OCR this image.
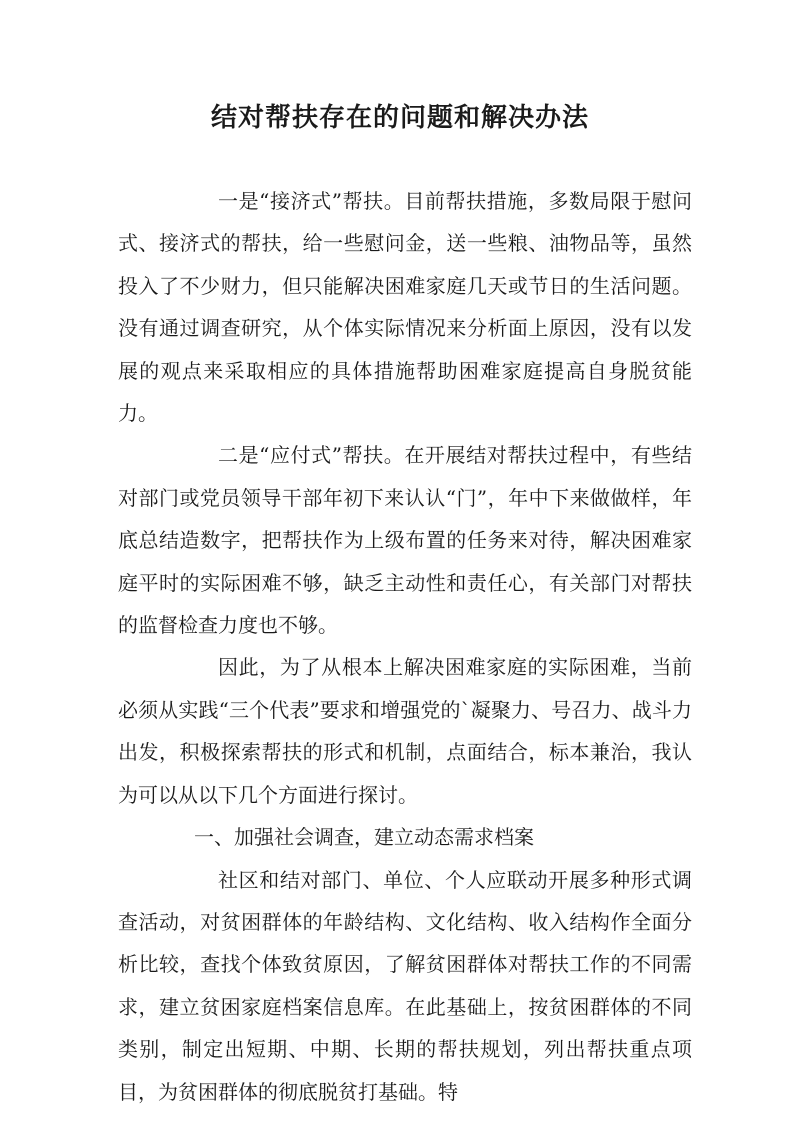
结对帮扶存在的问题和解决办法

一是“接济式”帮扶。目前帮扶措施，多数局限于慰问式、接济式的帮扶，给一些慰问金，送一些粮、油物品等，虽然投入了不少财力，但只能解决困难家庭几天或节日的生活问题。没有通过调查研究，从个体实际情况来分析面上原因，没有以发展的观点来采取相应的具体措施帮助困难家庭提高自身脱贫能力。

二是“应付式”帮扶。在开展结对帮扶过程中，有些结对部门或党员领导干部年初下来认认“门”，年中下来做做样，年底总结造数字，把帮扶作为上级布置的任务来对待，解决困难家庭平时的实际困难不够，缺乏主动性和责任心，有关部门对帮扶的监督检查力度也不够。

因此，为了从根本上解决困难家庭的实际困难，当前必须从实践“三个代表”要求和增强党的`凝聚力、号召力、战斗力出发，积极探索帮扶的形式和机制，点面结合，标本兼治，我认为可以从以下几个方面进行探讨。

一、加强社会调查，建立动态需求档案

社区和结对部门、单位、个人应联动开展多种形式调查活动，对贫困群体的年龄结构、文化结构、收入结构作全面分析比较，查找个体致贫原因，了解贫困群体对帮扶工作的不同需求，建立贫困家庭档案信息库。在此基础上，按贫困群体的不同类别，制定出短期、中期、长期的帮扶规划，列出帮扶重点项目，为贫困群体的彻底脱贫打基础。特
